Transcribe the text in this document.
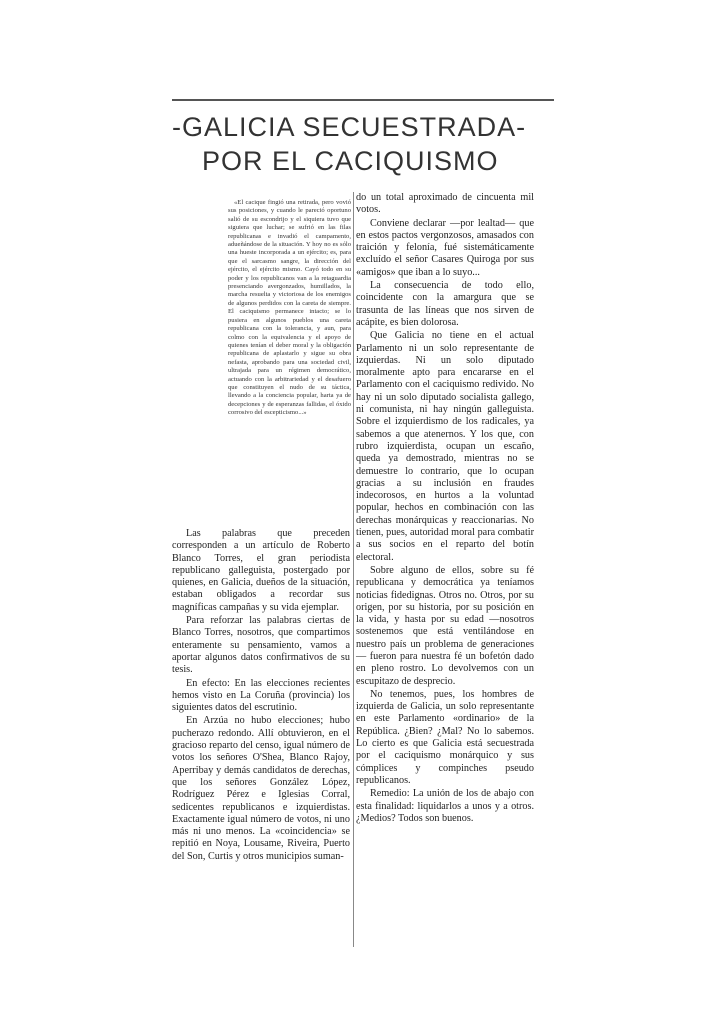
-GALICIA SECUESTRADA-
POR EL CACIQUISMO

«El cacique fingió una retirada, pero vovió sus posiciones, y cuando le pareció oportuno salió de su escondrijo y el siquiera tuvo que siguiera que luchar; se sufrió en las filas republicanas e invadió el campamento, adueñándose de la situación. Y hoy no es sólo una hueste incorporada a un ejército; es, para que el sarcasmo sangre, la dirección del ejército, el ejército mismo. Cayó todo en su poder y los republicanos van a la retaguardia presenciando avergonzados, humillados, la marcha resuelta y victoriosa de los enemigos de algunos perdidos con la careta de siempre. El caciquismo permanece intacto; se lo pusiera en algunos pueblos una careta republicana con la tolerancia, y aun, para colmo con la equivalencia y el apoyo de quienes tenían el deber moral y la obligación republicana de aplastarlo y sigue su obra nefasta, aprobando para una sociedad civil, ultrajada para un régimen democrático, actuando con la arbitrariedad y el desafuero que constituyen el nudo de su táctica, llevando a la conciencia popular, harta ya de decepciones y de esperanzas fallidas, el óxido corrosivo del escepticismo...»

Las palabras que preceden corresponden a un artículo de Roberto Blanco Torres, el gran periodista republicano galleguista, postergado por quienes, en Galicia, dueños de la situación, estaban obligados a recordar sus magníficas campañas y su vida ejemplar.

Para reforzar las palabras ciertas de Blanco Torres, nosotros, que compartimos enteramente su pensamiento, vamos a aportar algunos datos confirmativos de su tesis.

En efecto: En las elecciones recientes hemos visto en La Coruña (provincia) los siguientes datos del escrutinio.

En Arzúa no hubo elecciones; hubo pucherazo redondo. Allí obtuvieron, en el gracioso reparto del censo, igual número de votos los señores O'Shea, Blanco Rajoy, Aperribay y demás candidatos de derechas, que los señores González López, Rodríguez Pérez e Iglesias Corral, sedicentes republicanos e izquierdistas. Exactamente igual número de votos, ni uno más ni uno menos. La «coincidencia» se repitió en Noya, Lousame, Riveira, Puerto del Son, Curtis y otros municipios suman-

do un total aproximado de cincuenta mil votos.

Conviene declarar —por lealtad— que en estos pactos vergonzosos, amasados con traición y felonía, fué sistemáticamente excluído el señor Casares Quiroga por sus «amigos» que iban a lo suyo...

La consecuencia de todo ello, coincidente con la amargura que se trasunta de las líneas que nos sirven de acápite, es bien dolorosa.

Que Galicia no tiene en el actual Parlamento ni un solo representante de izquierdas. Ni un solo diputado moralmente apto para encararse en el Parlamento con el caciquismo redivido. No hay ni un solo diputado socialista gallego, ni comunista, ni hay ningún galleguista. Sobre el izquierdismo de los radicales, ya sabemos a que atenernos. Y los que, con rubro izquierdista, ocupan un escaño, queda ya demostrado, mientras no se demuestre lo contrario, que lo ocupan gracias a su inclusión en fraudes indecorosos, en hurtos a la voluntad popular, hechos en combinación con las derechas monárquicas y reaccionarias. No tienen, pues, autoridad moral para combatir a sus socios en el reparto del botín electoral.

Sobre alguno de ellos, sobre su fé republicana y democrática ya teníamos noticias fidedignas. Otros no. Otros, por su origen, por su historia, por su posición en la vida, y hasta por su edad —nosotros sostenemos que está ventilándose en nuestro país un problema de generaciones— fueron para nuestra fé un bofetón dado en pleno rostro. Lo devolvemos con un escupitazo de desprecio.

No tenemos, pues, los hombres de izquierda de Galicia, un solo representante en este Parlamento «ordinario» de la República. ¿Bien? ¿Mal? No lo sabemos. Lo cierto es que Galicia está secuestrada por el caciquismo monárquico y sus cómplices y compinches pseudo republicanos.

Remedio: La unión de los de abajo con esta finalidad: liquidarlos a unos y a otros. ¿Medios? Todos son buenos.
